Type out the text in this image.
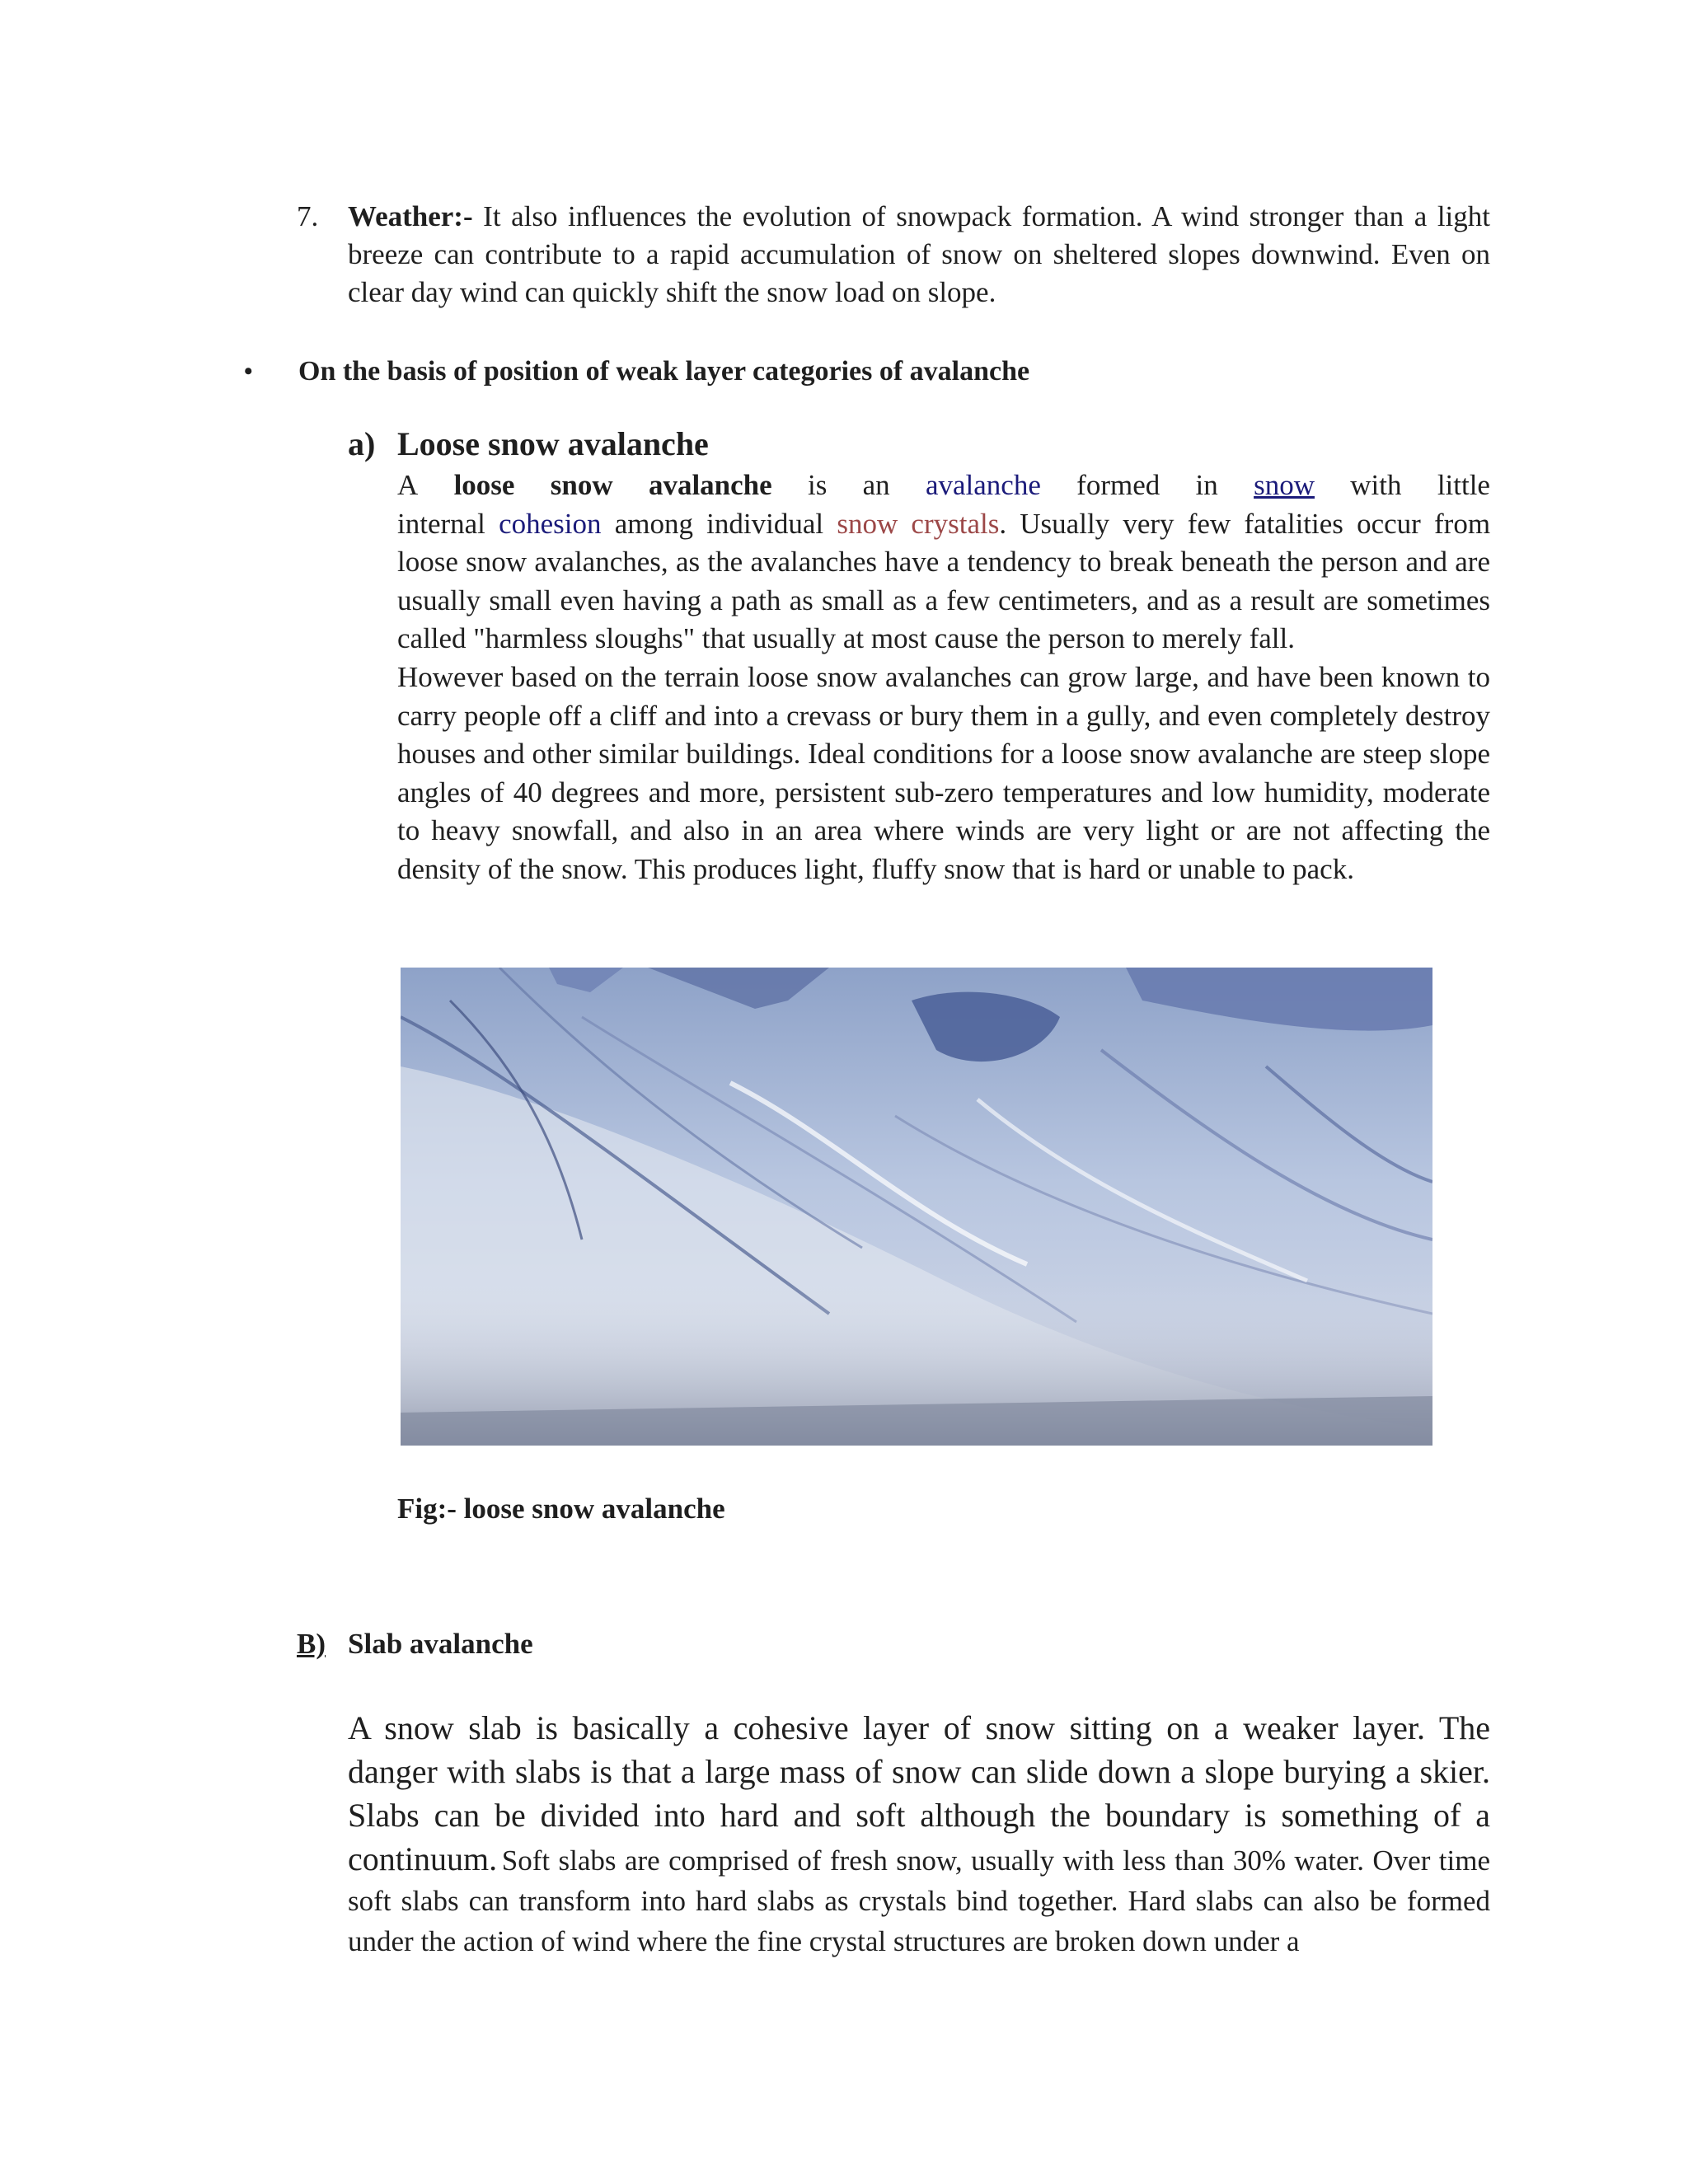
7. Weather:- It also influences the evolution of snowpack formation. A wind stronger than a light breeze can contribute to a rapid accumulation of snow on sheltered slopes downwind. Even on clear day wind can quickly shift the snow load on slope.
• On the basis of position of weak layer categories of avalanche
a) Loose snow avalanche

A loose snow avalanche is an avalanche formed in snow with little
internal cohesion among individual snow crystals. Usually very few fatalities occur from loose snow avalanches, as the avalanches have a tendency to break beneath the person and are usually small even having a path as small as a few centimeters, and as a result are sometimes called "harmless sloughs" that usually at most cause the person to merely fall.

However based on the terrain loose snow avalanches can grow large, and have been known to carry people off a cliff and into a crevass or bury them in a gully, and even completely destroy houses and other similar buildings. Ideal conditions for a loose snow avalanche are steep slope angles of 40 degrees and more, persistent sub-zero temperatures and low humidity, moderate to heavy snowfall, and also in an area where winds are very light or are not affecting the density of the snow. This produces light, fluffy snow that is hard or unable to pack.

Fig:- loose snow avalanche
B) Slab avalanche
A snow slab is basically a cohesive layer of snow sitting on a weaker layer. The danger with slabs is that a large mass of snow can slide down a slope burying a skier. Slabs can be divided into hard and soft although the boundary is something of a continuum. Soft slabs are comprised of fresh snow, usually with less than 30% water. Over time soft slabs can transform into hard slabs as crystals bind together. Hard slabs can also be formed under the action of wind where the fine crystal structures are broken down under a
